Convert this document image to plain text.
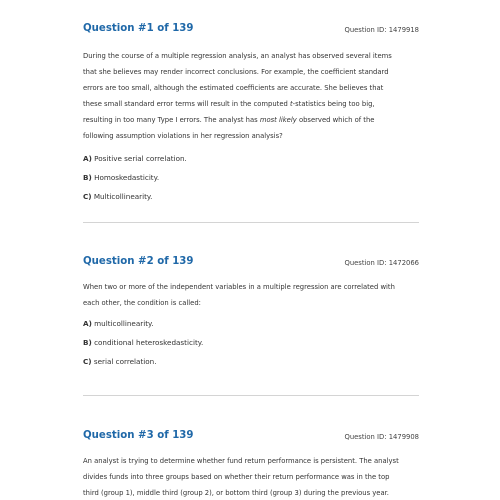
Question #1 of 139	Question ID: 1479918
During the course of a multiple regression analysis, an analyst has observed several items
that she believes may render incorrect conclusions. For example, the coefficient standard
errors are too small, although the estimated coefficients are accurate. She believes that
these small standard error terms will result in the computed t-statistics being too big,
resulting in too many Type I errors. The analyst has most likely observed which of the
following assumption violations in her regression analysis?
A) Positive serial correlation.
B) Homoskedasticity.
C) Multicollinearity.
Question #2 of 139	Question ID: 1472066
When two or more of the independent variables in a multiple regression are correlated with
each other, the condition is called:
A) multicollinearity.
B) conditional heteroskedasticity.
C) serial correlation.
Question #3 of 139	Question ID: 1479908
An analyst is trying to determine whether fund return performance is persistent. The analyst
divides funds into three groups based on whether their return performance was in the top
third (group 1), middle third (group 2), or bottom third (group 3) during the previous year.
